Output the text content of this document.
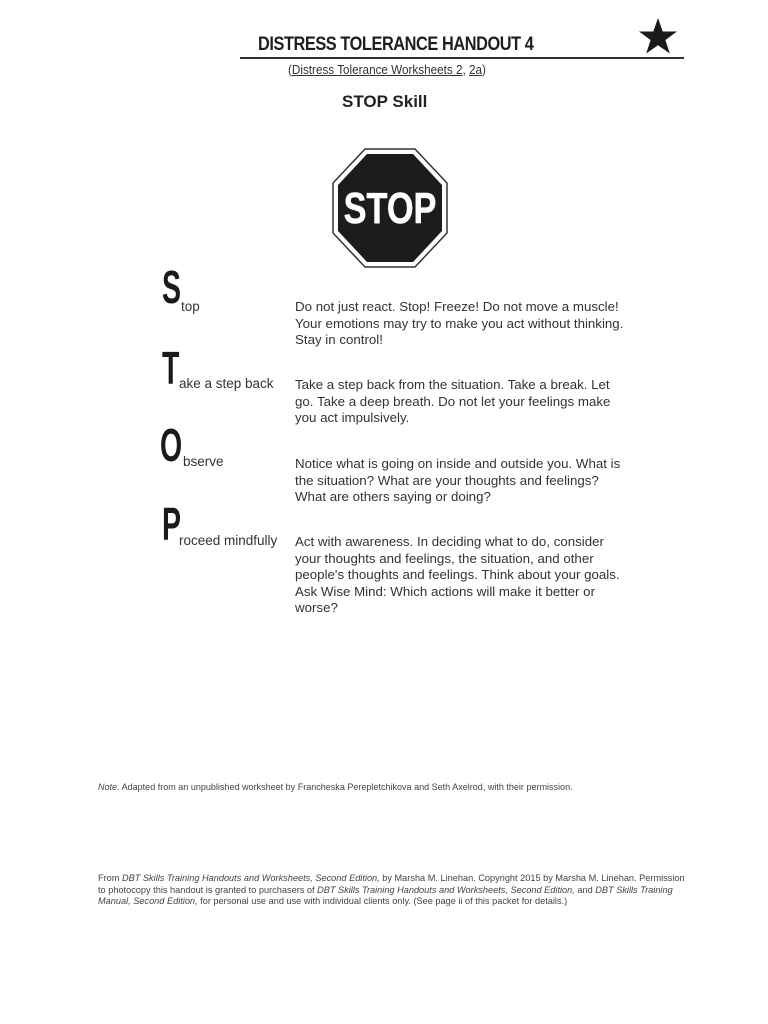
DISTRESS TOLERANCE HANDOUT 4
(Distress Tolerance Worksheets 2, 2a)
STOP Skill
STOP
S top	Do not just react. Stop! Freeze! Do not move a muscle! Your emotions may try to make you act without thinking. Stay in control!
T ake a step back Take a step back from the situation. Take a break. Let go. Take a deep breath. Do not let your feelings make you act impulsively.
O bserve	Notice what is going on inside and outside you. What is the situation? What are your thoughts and feelings? What are others saying or doing?
P
roceed mindfully Act with awareness. In deciding what to do, consider your thoughts and feelings, the situation, and other people's thoughts and feelings. Think about your goals. Ask Wise Mind: Which actions will make it better or worse?
Note. Adapted from an unpublished worksheet by Francheska Perepletchikova and Seth Axelrod, with their permission.
From DBT Skills Training Handouts and Worksheets, Second Edition, by Marsha M. Linehan. Copyright 2015 by Marsha M. Linehan. Permission to photocopy this handout is granted to purchasers of DBT Skills Training Handouts and Worksheets, Second Edition, and DBT Skills Training Manual, Second Edition, for personal use and use with individual clients only. (See page ii of this packet for details.)
